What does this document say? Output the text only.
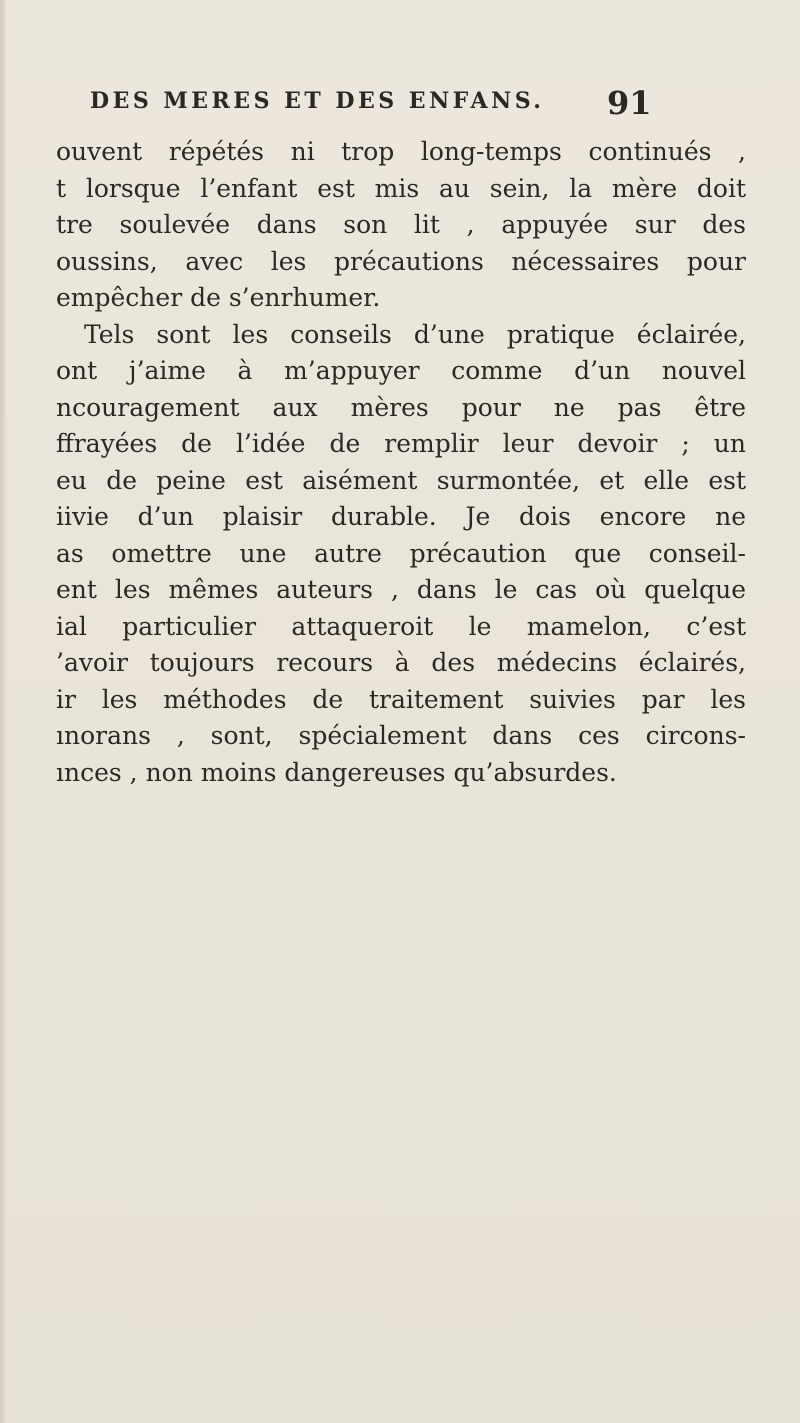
DES MERES ET DES ENFANS. 91
ouvent répétés ni trop long-temps continués ,
t lorsque l’enfant est mis au sein, la mère doit
tre soulevée dans son lit , appuyée sur des
oussins, avec les précautions nécessaires pour
empêcher de s’enrhumer.
Tels sont les conseils d’une pratique éclairée,
ont j’aime à m’appuyer comme d’un nouvel
ncouragement aux mères pour ne pas être
ffrayées de l’idée de remplir leur devoir ; un
eu de peine est aisément surmontée, et elle est
iivie d’un plaisir durable. Je dois encore ne
as omettre une autre précaution que conseil-
ent les mêmes auteurs , dans le cas où quelque
ial particulier attaqueroit le mamelon, c’est
’avoir toujours recours à des médecins éclairés,
ir les méthodes de traitement suivies par les
ınorans , sont, spécialement dans ces circons-
ınces , non moins dangereuses qu’absurdes.
